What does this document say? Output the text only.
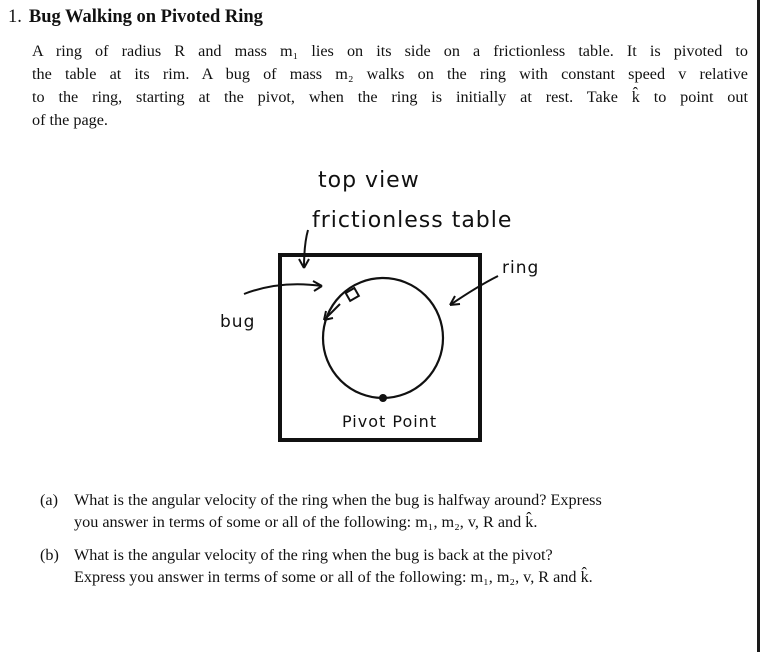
1. Bug Walking on Pivoted Ring
A ring of radius R and mass m₁ lies on its side on a frictionless table. It is pivoted to
the table at its rim. A bug of mass m₂ walks on the ring with constant speed v relative
to the ring, starting at the pivot, when the ring is initially at rest. Take k̂ to point out
of the page.
top view
frictionless table
ring
bug
Pivot Point
(a) What is the angular velocity of the ring when the bug is halfway around? Express
you answer in terms of some or all of the following: m₁, m₂, v, R and k̂.
(b) What is the angular velocity of the ring when the bug is back at the pivot?
Express you answer in terms of some or all of the following: m₁, m₂, v, R and k̂.
